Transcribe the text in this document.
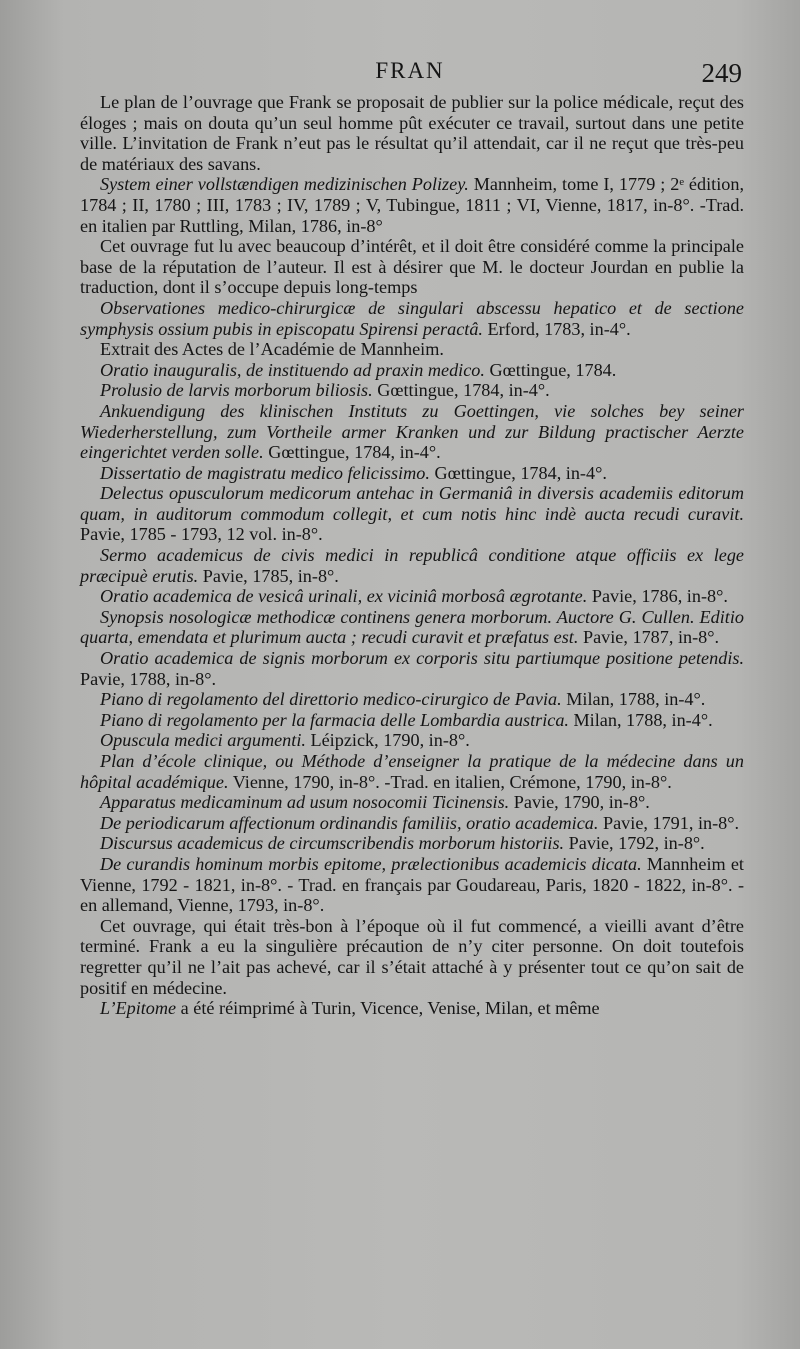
FRAN	249

Le plan de l’ouvrage que Frank se proposait de publier sur la police médicale, reçut des éloges ; mais on douta qu’un seul homme pût exécuter ce travail, surtout dans une petite ville. L’invitation de Frank n’eut pas le résultat qu’il attendait, car il ne reçut que très-peu de matériaux des savans.

System einer vollstændigen medizinischen Polizey. Mannheim, tome I, 1779 ; 2ᵉ édition, 1784 ; II, 1780 ; III, 1783 ; IV, 1789 ; V, Tubingue, 1811 ; VI, Vienne, 1817, in-8°. -Trad. en italien par Ruttling, Milan, 1786, in-8°

Cet ouvrage fut lu avec beaucoup d’intérêt, et il doit être considéré comme la principale base de la réputation de l’auteur. Il est à désirer que M. le docteur Jourdan en publie la traduction, dont il s’occupe depuis long-temps

Observationes medico-chirurgicæ de singulari abscessu hepatico et de sectione symphysis ossium pubis in episcopatu Spirensi peractâ. Erford, 1783, in-4°.

Extrait des Actes de l’Académie de Mannheim.

Oratio inauguralis, de instituendo ad praxin medico. Gœttingue, 1784.

Prolusio de larvis morborum biliosis. Gœttingue, 1784, in-4°.

Ankuendigung des klinischen Instituts zu Goettingen, vie solches bey seiner Wiederherstellung, zum Vortheile armer Kranken und zur Bildung practischer Aerzte eingerichtet verden solle. Gœttingue, 1784, in-4°.

Dissertatio de magistratu medico felicissimo. Gœttingue, 1784, in-4°.

Delectus opusculorum medicorum antehac in Germaniâ in diversis academiis editorum quam, in auditorum commodum collegit, et cum notis hinc indè aucta recudi curavit. Pavie, 1785 - 1793, 12 vol. in-8°.

Sermo academicus de civis medici in republicâ conditione atque officiis ex lege præcipuè erutis. Pavie, 1785, in-8°.

Oratio academica de vesicâ urinali, ex viciniâ morbosâ ægrotante. Pavie, 1786, in-8°.

Synopsis nosologicæ methodicæ continens genera morborum. Auctore G. Cullen. Editio quarta, emendata et plurimum aucta ; recudi curavit et præfatus est. Pavie, 1787, in-8°.

Oratio academica de signis morborum ex corporis situ partiumque positione petendis. Pavie, 1788, in-8°.

Piano di regolamento del direttorio medico-cirurgico de Pavia. Milan, 1788, in-4°.

Piano di regolamento per la farmacia delle Lombardia austrica. Milan, 1788, in-4°.

Opuscula medici argumenti. Léipzick, 1790, in-8°.

Plan d’école clinique, ou Méthode d’enseigner la pratique de la médecine dans un hôpital académique. Vienne, 1790, in-8°. -Trad. en italien, Crémone, 1790, in-8°.

Apparatus medicaminum ad usum nosocomii Ticinensis. Pavie, 1790, in-8°.

De periodicarum affectionum ordinandis familiis, oratio academica. Pavie, 1791, in-8°.

Discursus academicus de circumscribendis morborum historiis. Pavie, 1792, in-8°.

De curandis hominum morbis epitome, prælectionibus academicis dicata. Mannheim et Vienne, 1792 - 1821, in-8°. - Trad. en français par Goudareau, Paris, 1820 - 1822, in-8°. - en allemand, Vienne, 1793, in-8°.

Cet ouvrage, qui était très-bon à l’époque où il fut commencé, a vieilli avant d’être terminé. Frank a eu la singulière précaution de n’y citer personne. On doit toutefois regretter qu’il ne l’ait pas achevé, car il s’était attaché à y présenter tout ce qu’on sait de positif en médecine.

L’Epitome a été réimprimé à Turin, Vicence, Venise, Milan, et même
